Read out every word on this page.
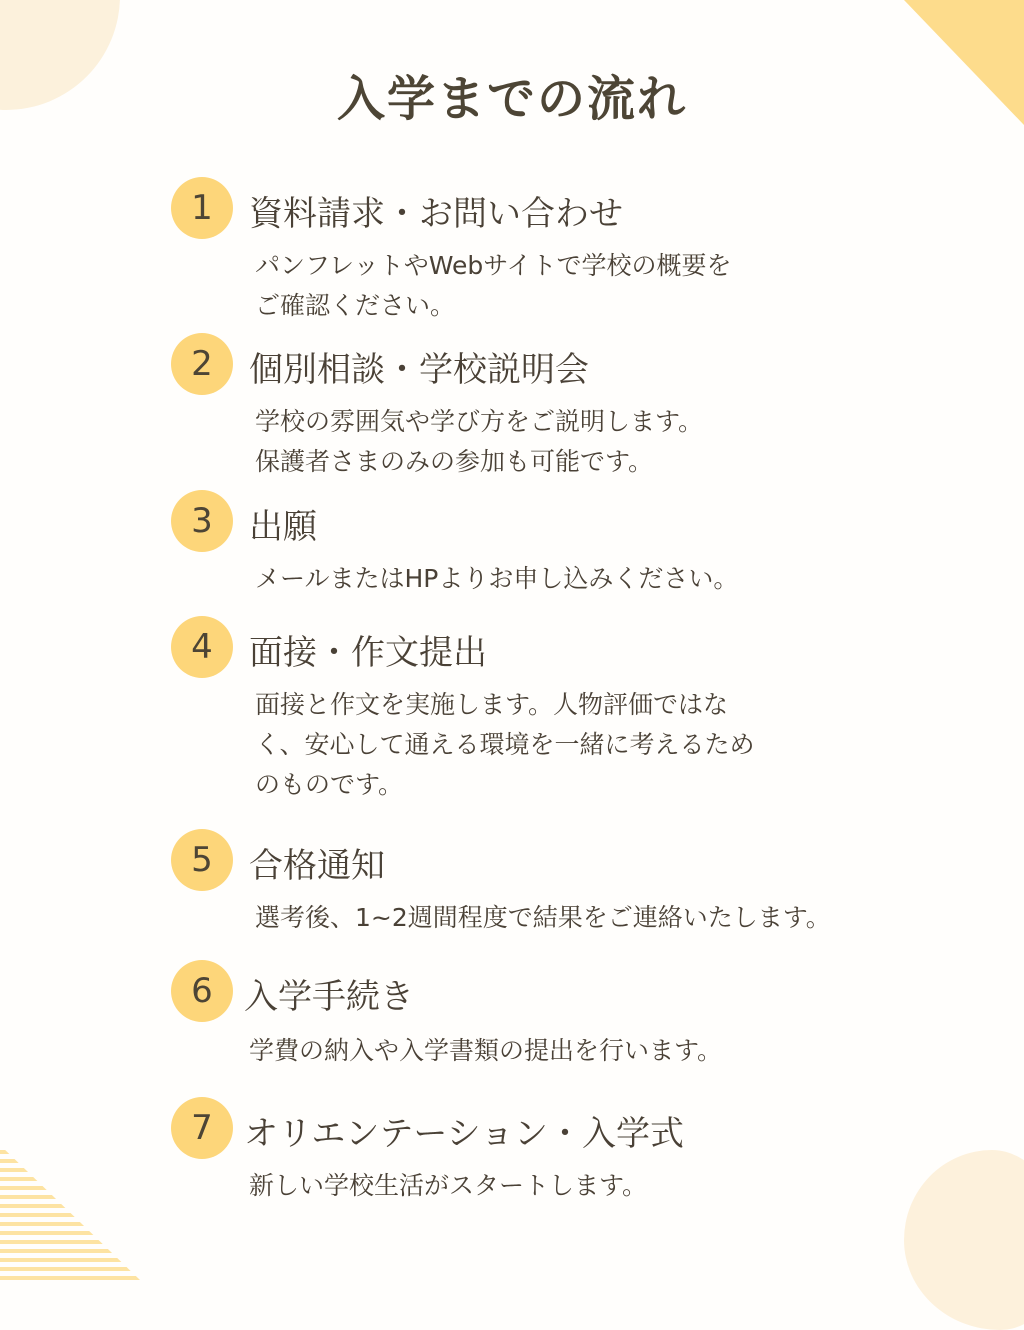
入学までの流れ
1	資料請求・お問い合わせ
パンフレットやWebサイトで学校の概要を
ご確認ください。
2	個別相談・学校説明会
学校の雰囲気や学び方をご説明します。
保護者さまのみの参加も可能です。
3	出願
メールまたはHPよりお申し込みください。
4	面接・作文提出
面接と作文を実施します。人物評価ではな
く、安心して通える環境を一緒に考えるため
のものです。
5	合格通知
選考後、1~2週間程度で結果をご連絡いたします。
6 入学手続き
学費の納入や入学書類の提出を行います。
7 オリエンテーション・入学式
新しい学校生活がスタートします。
